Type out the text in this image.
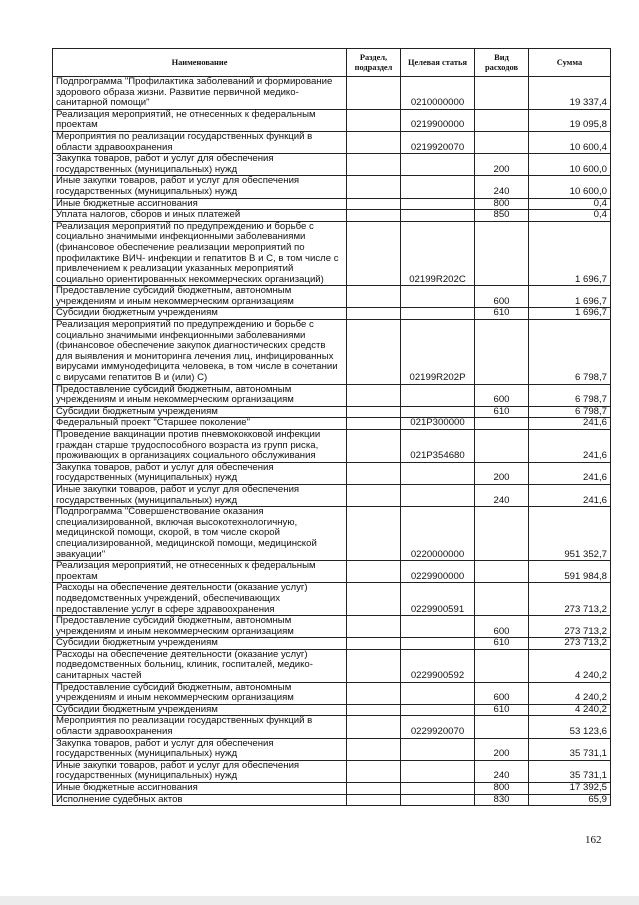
Наименование	Раздел, подраздел	Целевая статья	Вид расходов	Сумма
Подпрограмма "Профилактика заболеваний и формирование здорового образа жизни. Развитие первичной медико-санитарной помощи"		0210000000		19 337,4
Реализация мероприятий, не отнесенных к федеральным проектам		0219900000		19 095,8
Мероприятия по реализации государственных функций в области здравоохранения		0219920070		10 600,4
Закупка товаров, работ и услуг для обеспечения государственных (муниципальных) нужд			200	10 600,0
Иные закупки товаров, работ и услуг для обеспечения государственных (муниципальных) нужд			240	10 600,0
Иные бюджетные ассигнования			800	0,4
Уплата налогов, сборов и иных платежей			850	0,4
Реализация мероприятий по предупреждению и борьбе с социально значимыми инфекционными заболеваниями (финансовое обеспечение реализации мероприятий по профилактике ВИЧ- инфекции и гепатитов В и С, в том числе с привлечением к реализации указанных мероприятий социально ориентированных некоммерческих организаций)		02199R202C		1 696,7
Предоставление субсидий бюджетным, автономным учреждениям и иным некоммерческим организациям			600	1 696,7
Субсидии бюджетным учреждениям			610	1 696,7
Реализация мероприятий по предупреждению и борьбе с социально значимыми инфекционными заболеваниями (финансовое обеспечение закупок диагностических средств для выявления и мониторинга лечения лиц, инфицированных вирусами иммунодефицита человека, в том числе в сочетании с вирусами гепатитов В и (или) С)		02199R202P		6 798,7
Предоставление субсидий бюджетным, автономным учреждениям и иным некоммерческим организациям			600	6 798,7
Субсидии бюджетным учреждениям			610	6 798,7
Федеральный проект "Старшее поколение"		021P300000		241,6
Проведение вакцинации против пневмококковой инфекции граждан старше трудоспособного возраста из групп риска, проживающих в организациях социального обслуживания		021P354680		241,6
Закупка товаров, работ и услуг для обеспечения государственных (муниципальных) нужд			200	241,6
Иные закупки товаров, работ и услуг для обеспечения государственных (муниципальных) нужд			240	241,6
Подпрограмма "Совершенствование оказания специализированной, включая высокотехнологичную, медицинской помощи, скорой, в том числе скорой специализированной, медицинской помощи, медицинской эвакуации"		0220000000		951 352,7
Реализация мероприятий, не отнесенных к федеральным проектам		0229900000		591 984,8
Расходы на обеспечение деятельности (оказание услуг) подведомственных учреждений, обеспечивающих предоставление услуг в сфере здравоохранения		0229900591		273 713,2
Предоставление субсидий бюджетным, автономным учреждениям и иным некоммерческим организациям			600	273 713,2
Субсидии бюджетным учреждениям			610	273 713,2
Расходы на обеспечение деятельности (оказание услуг) подведомственных больниц, клиник, госпиталей, медико-санитарных частей		0229900592		4 240,2
Предоставление субсидий бюджетным, автономным учреждениям и иным некоммерческим организациям			600	4 240,2
Субсидии бюджетным учреждениям			610	4 240,2
Мероприятия по реализации государственных функций в области здравоохранения		0229920070		53 123,6
Закупка товаров, работ и услуг для обеспечения государственных (муниципальных) нужд			200	35 731,1
Иные закупки товаров, работ и услуг для обеспечения государственных (муниципальных) нужд			240	35 731,1
Иные бюджетные ассигнования			800	17 392,5
Исполнение судебных актов			830	65,9
162
